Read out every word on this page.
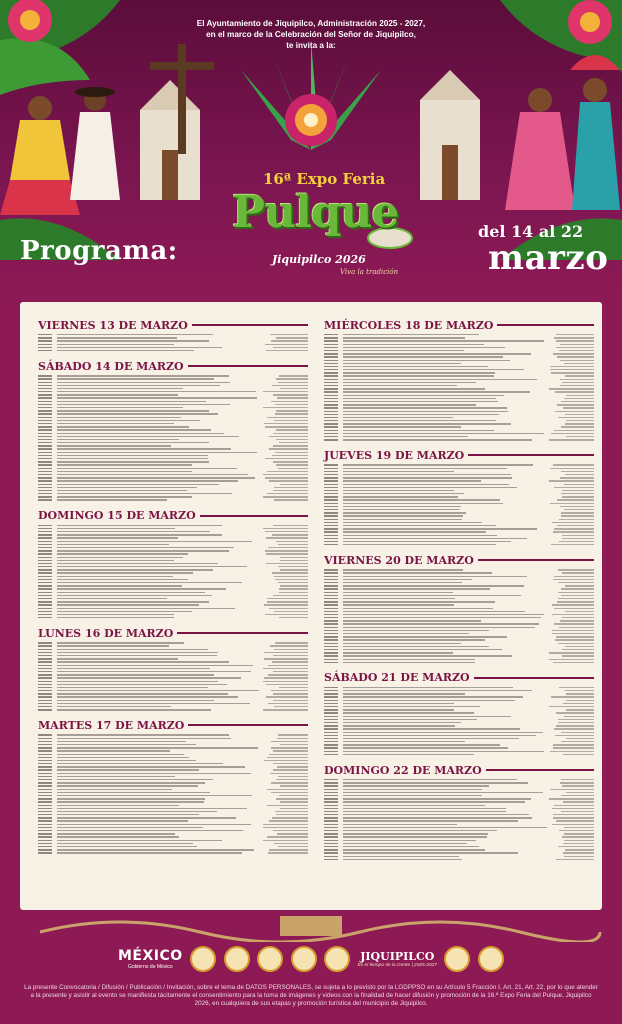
El Ayuntamiento de Jiquipilco, Administración 2025 - 2027,
en el marco de la Celebración del Señor de Jiquipilco,
te invita a la:
16ª Expo Feria
Pulque
Jiquipilco 2026
Viva la tradición
Programa:
del 14 al 22
marzo
VIERNES 13 DE MARZO
SÁBADO 14 DE MARZO
DOMINGO 15 DE MARZO
LUNES 16 DE MARZO
MARTES 17 DE MARZO
MIÉRCOLES 18 DE MARZO
JUEVES 19 DE MARZO
VIERNES 20 DE MARZO
SÁBADO 21 DE MARZO
DOMINGO 22 DE MARZO
MÉXICO
Gobierno de México
JIQUIPILCO
Es el tiempo de la Gente | 2025-2027
La presente Convocatoria / Difusión / Publicación / Invitación, sobre el tema de DATOS PERSONALES, se sujeta a lo previsto por la LGDPPSO en su Artículo 5 Fracción I, Art. 21, Art. 22, por lo que atender a la presente y asistir al evento se manifiesta tácitamente el consentimiento para la toma de imágenes y videos con la finalidad de hacer difusión y promoción de la 16.ª Expo Feria del Pulque, Jiquipilco 2026, en cualquiera de sus etapas y promoción turística del municipio de Jiquipilco.
